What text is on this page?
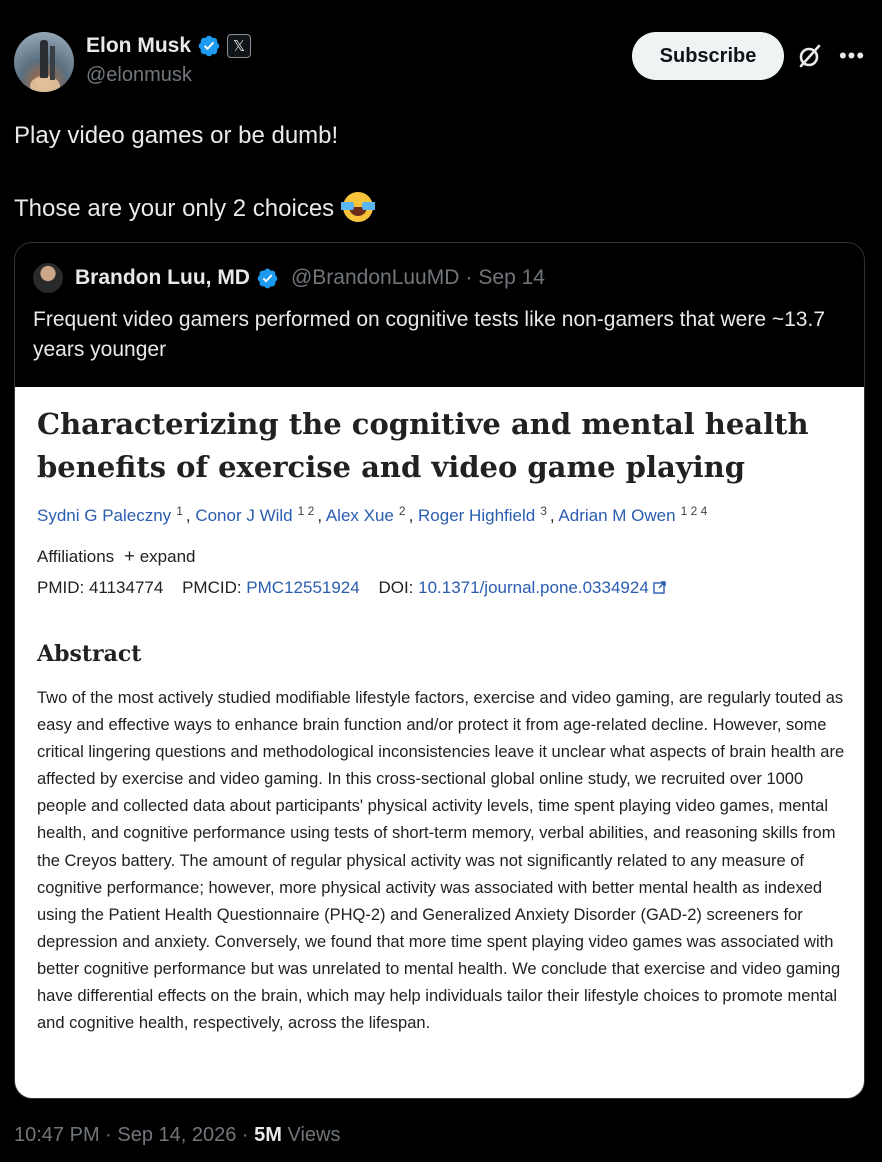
Elon Musk	𝕏
@elonmusk
Subscribe	•••

Play video games or be dumb!

Those are your only 2 choices

Brandon Luu, MD @BrandonLuuMD · Sep 14
Frequent video gamers performed on cognitive tests like non-gamers that were ~13.7 years younger
Characterizing the cognitive and mental health benefits of exercise and video game playing
Sydni G Paleczny $^1$ , Conor J Wild $^{1 2}$ , Alex Xue $^2$ , Roger Highfield $^3$ , Adrian M Owen $^{1 2 4}$
Affiliations + expand
PMID: 41134774 PMCID: PMC12551924 DOI: 10.1371/journal.pone.0334924
Abstract
Two of the most actively studied modifiable lifestyle factors, exercise and video gaming, are regularly touted as easy and effective ways to enhance brain function and/or protect it from age-related decline. However, some critical lingering questions and methodological inconsistencies leave it unclear what aspects of brain health are affected by exercise and video gaming. In this cross-sectional global online study, we recruited over 1000 people and collected data about participants' physical activity levels, time spent playing video games, mental health, and cognitive performance using tests of short-term memory, verbal abilities, and reasoning skills from the Creyos battery. The amount of regular physical activity was not significantly related to any measure of cognitive performance; however, more physical activity was associated with better mental health as indexed using the Patient Health Questionnaire (PHQ-2) and Generalized Anxiety Disorder (GAD-2) screeners for depression and anxiety. Conversely, we found that more time spent playing video games was associated with better cognitive performance but was unrelated to mental health. We conclude that exercise and video gaming have differential effects on the brain, which may help individuals tailor their lifestyle choices to promote mental and cognitive health, respectively, across the lifespan.
10:47 PM · Sep 14, 2026 · 5M Views
